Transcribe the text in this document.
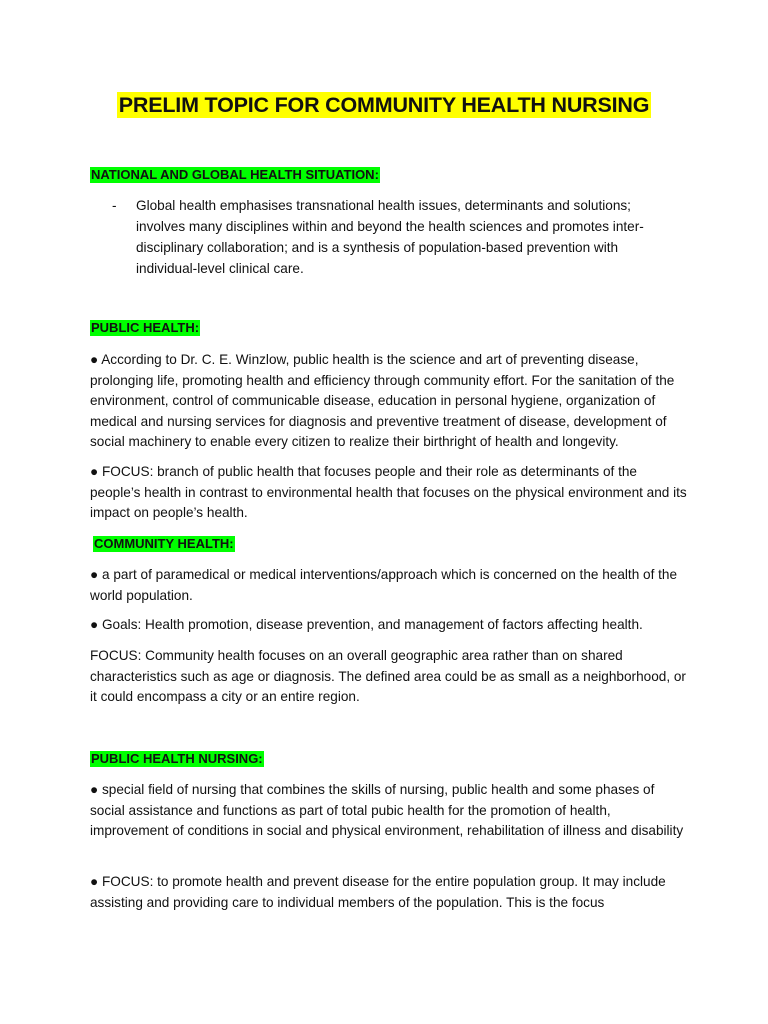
PRELIM TOPIC FOR COMMUNITY HEALTH NURSING
NATIONAL AND GLOBAL HEALTH SITUATION:
- Global health emphasises transnational health issues, determinants and solutions; involves many disciplines within and beyond the health sciences and promotes inter-disciplinary collaboration; and is a synthesis of population-based prevention with individual-level clinical care.
PUBLIC HEALTH:
● According to Dr. C. E. Winzlow, public health is the science and art of preventing disease, prolonging life, promoting health and efficiency through community effort. For the sanitation of the environment, control of communicable disease, education in personal hygiene, organization of medical and nursing services for diagnosis and preventive treatment of disease, development of social machinery to enable every citizen to realize their birthright of health and longevity.
● FOCUS: branch of public health that focuses people and their role as determinants of the people’s health in contrast to environmental health that focuses on the physical environment and its impact on people’s health.
COMMUNITY HEALTH:
● a part of paramedical or medical interventions/approach which is concerned on the health of the world population.
● Goals: Health promotion, disease prevention, and management of factors affecting health.
FOCUS: Community health focuses on an overall geographic area rather than on shared characteristics such as age or diagnosis. The defined area could be as small as a neighborhood, or it could encompass a city or an entire region.
PUBLIC HEALTH NURSING:
● special field of nursing that combines the skills of nursing, public health and some phases of social assistance and functions as part of total pubic health for the promotion of health, improvement of conditions in social and physical environment, rehabilitation of illness and disability
● FOCUS: to promote health and prevent disease for the entire population group. It may include assisting and providing care to individual members of the population. This is the focus
